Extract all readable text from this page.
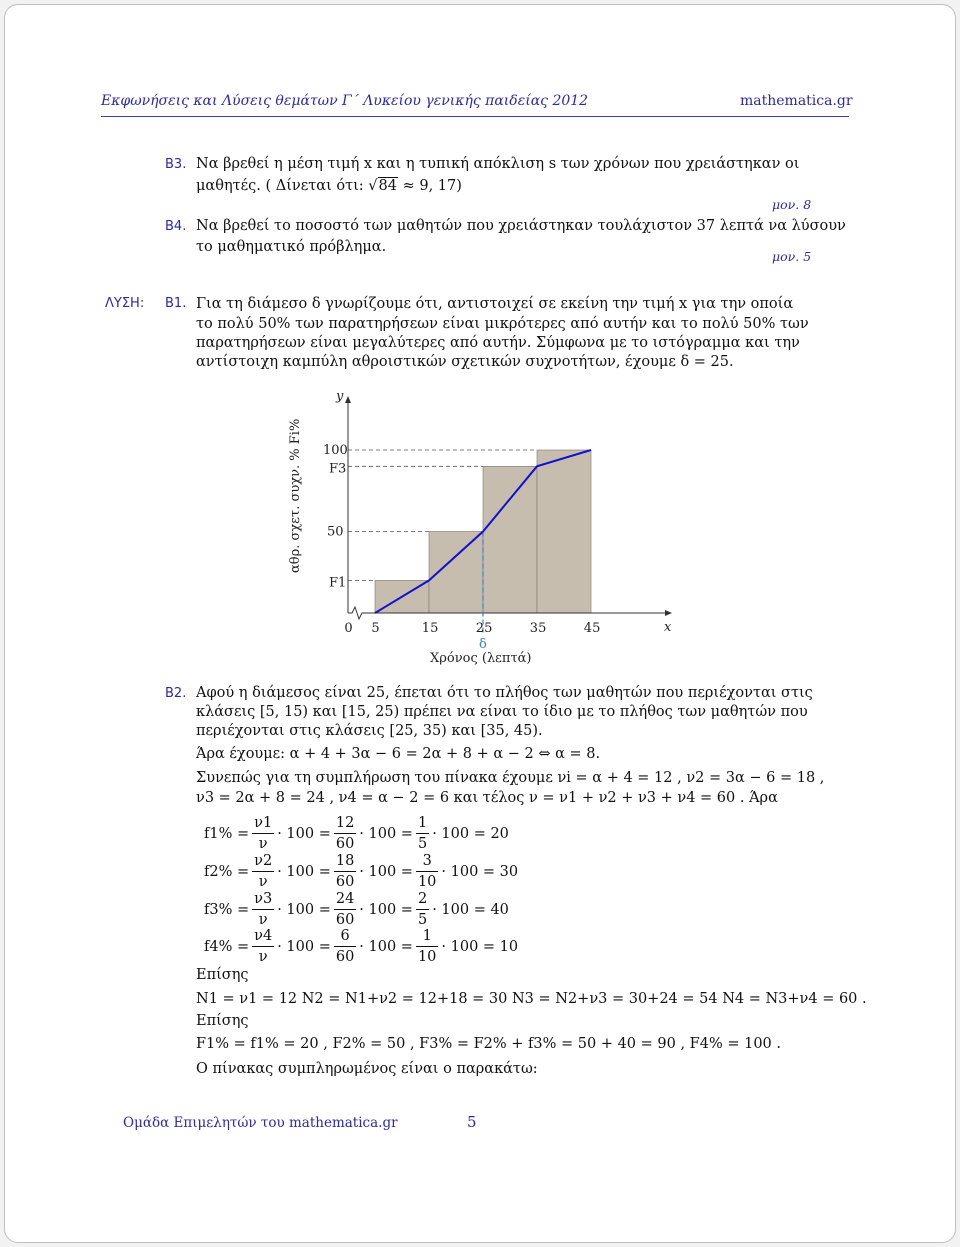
Εκφωνήσεις και Λύσεις θεμάτων Γ΄ Λυκείου γενικής παιδείας 2012	mathematica.gr
Β3. Να βρεθεί η μέση τιμή x και η τυπική απόκλιση s των χρόνων που χρειάστηκαν οι
μαθητές. ( Δίνεται ότι: √84 ≈ 9, 17)
μον. 8
Β4. Να βρεθεί το ποσοστό των μαθητών που χρειάστηκαν τουλάχιστον 37 λεπτά να λύσουν
το μαθηματικό πρόβλημα.
μον. 5
ΛΥΣΗ: Β1. Για τη διάμεσο δ γνωρίζουμε ότι, αντιστοιχεί σε εκείνη την τιμή x για την οποία
το πολύ 50% των παρατηρήσεων είναι μικρότερες από αυτήν και το πολύ 50% των
παρατηρήσεων είναι μεγαλύτερες από αυτήν. Σύμφωνα με το ιστόγραμμα και την
αντίστοιχη καμπύλη αθροιστικών σχετικών συχνοτήτων, έχουμε δ = 25.
y
x
100
F3
50
F1
0 5	15	25	35	45
δ
Χρόνος (λεπτά)
αθρ. σχετ. συχν. % Fi%
Β2. Αφού η διάμεσος είναι 25, έπεται ότι το πλήθος των μαθητών που περιέχονται στις
κλάσεις [5, 15) και [15, 25) πρέπει να είναι το ίδιο με το πλήθος των μαθητών που
περιέχονται στις κλάσεις [25, 35) και [35, 45).
Άρα έχουμε: α + 4 + 3α − 6 = 2α + 8 + α − 2 ⇔ α = 8.
Συνεπώς για τη συμπλήρωση του πίνακα έχουμε νi = α + 4 = 12 , ν2 = 3α − 6 = 18 ,
ν3 = 2α + 8 = 24 , ν4 = α − 2 = 6 και τέλος ν = ν1 + ν2 + ν3 + ν4 = 60 . Άρα
$f1\% = \frac{\nu 1}{\nu} \cdot 100 = \frac{12}{60} \cdot 100 = \frac{1}{5} \cdot 100 = 20$
$f2\% = \frac{\nu 2}{\nu} \cdot 100 = \frac{18}{60} \cdot 100 = \frac{3}{10} \cdot 100 = 30$
$f3\% = \frac{\nu 3}{\nu} \cdot 100 = \frac{24}{60} \cdot 100 = \frac{2}{5} \cdot 100 = 40$
$f4\% = \frac{\nu 4}{\nu} \cdot 100 = \frac{6}{60} \cdot 100 = \frac{1}{10} \cdot 100 = 10$
Επίσης
N1 = ν1 = 12 N2 = N1+ν2 = 12+18 = 30 N3 = N2+ν3 = 30+24 = 54 N4 = N3+ν4 = 60 .
Επίσης
F1% = f1% = 20 , F2% = 50 , F3% = F2% + f3% = 50 + 40 = 90 , F4% = 100 .
Ο πίνακας συμπληρωμένος είναι ο παρακάτω:
Ομάδα Επιμελητών του mathematica.gr	5
